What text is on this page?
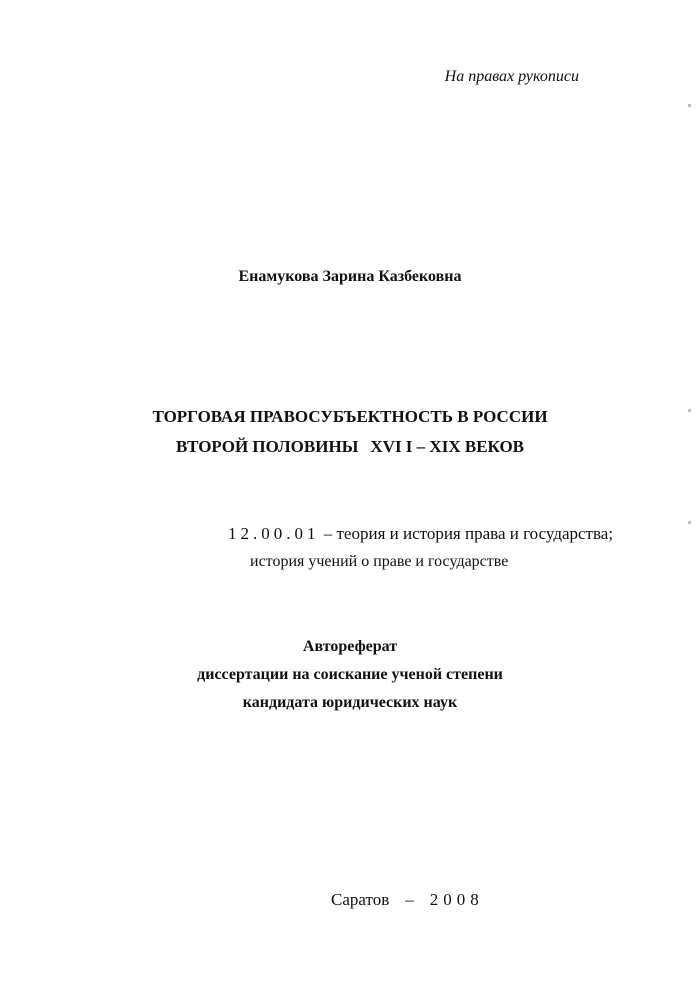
На правах рукописи
Енамукова Зарина Казбековна
ТОРГОВАЯ ПРАВОСУБЪЕКТНОСТЬ В РОССИИ
ВТОРОЙ ПОЛОВИНЫ XVI I – XIX ВЕКОВ
12.00.01 – теория и история права и государства;
история учений о праве и государстве
Автореферат
диссертации на соискание ученой степени
кандидата юридических наук
Саратов – 2008
